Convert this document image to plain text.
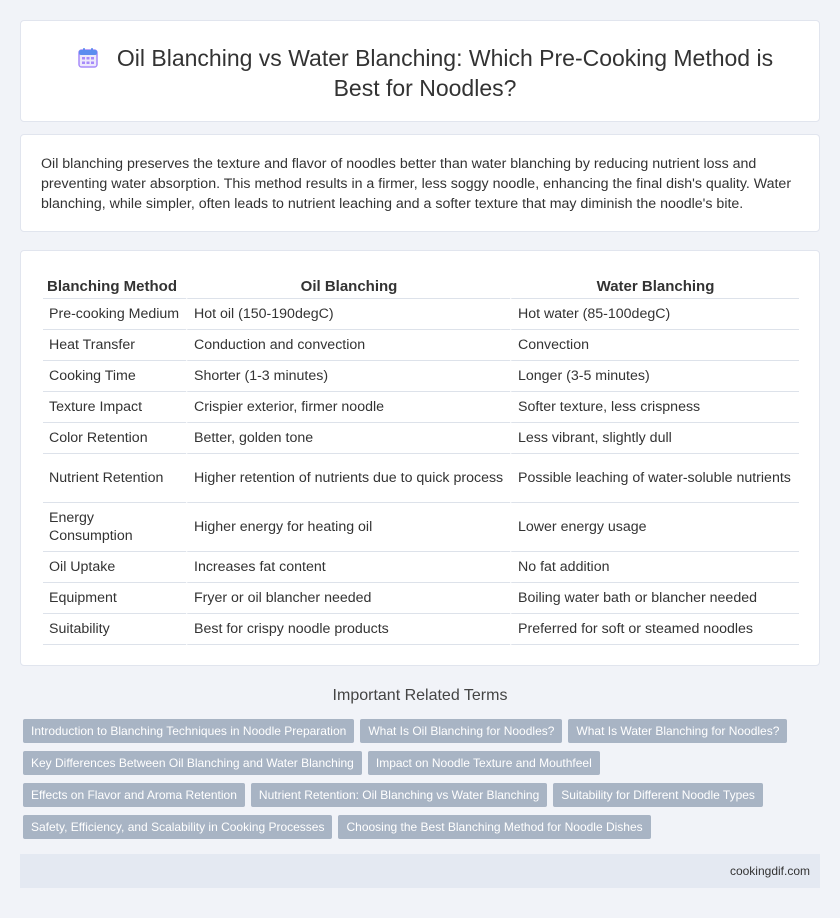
Oil Blanching vs Water Blanching: Which Pre-Cooking Method is Best for Noodles?

Oil blanching preserves the texture and flavor of noodles better than water blanching by reducing nutrient loss and preventing water absorption. This method results in a firmer, less soggy noodle, enhancing the final dish's quality. Water blanching, while simpler, often leads to nutrient leaching and a softer texture that may diminish the noodle's bite.

Blanching Method	Oil Blanching	Water Blanching
Pre-cooking Medium	Hot oil (150-190degC)	Hot water (85-100degC)
Heat Transfer	Conduction and convection	Convection
Cooking Time	Shorter (1-3 minutes)	Longer (3-5 minutes)
Texture Impact	Crispier exterior, firmer noodle	Softer texture, less crispness
Color Retention	Better, golden tone	Less vibrant, slightly dull
Nutrient Retention	Higher retention of nutrients due to quick process	Possible leaching of water-soluble nutrients
Energy Consumption	Higher energy for heating oil	Lower energy usage
Oil Uptake	Increases fat content	No fat addition
Equipment	Fryer or oil blancher needed	Boiling water bath or blancher needed
Suitability	Best for crispy noodle products	Preferred for soft or steamed noodles
Important Related Terms
Introduction to Blanching Techniques in Noodle Preparation What Is Oil Blanching for Noodles? What Is Water Blanching for Noodles?
Key Differences Between Oil Blanching and Water Blanching Impact on Noodle Texture and Mouthfeel
Effects on Flavor and Aroma Retention Nutrient Retention: Oil Blanching vs Water Blanching Suitability for Different Noodle Types
Safety, Efficiency, and Scalability in Cooking Processes Choosing the Best Blanching Method for Noodle Dishes
cookingdif.com
